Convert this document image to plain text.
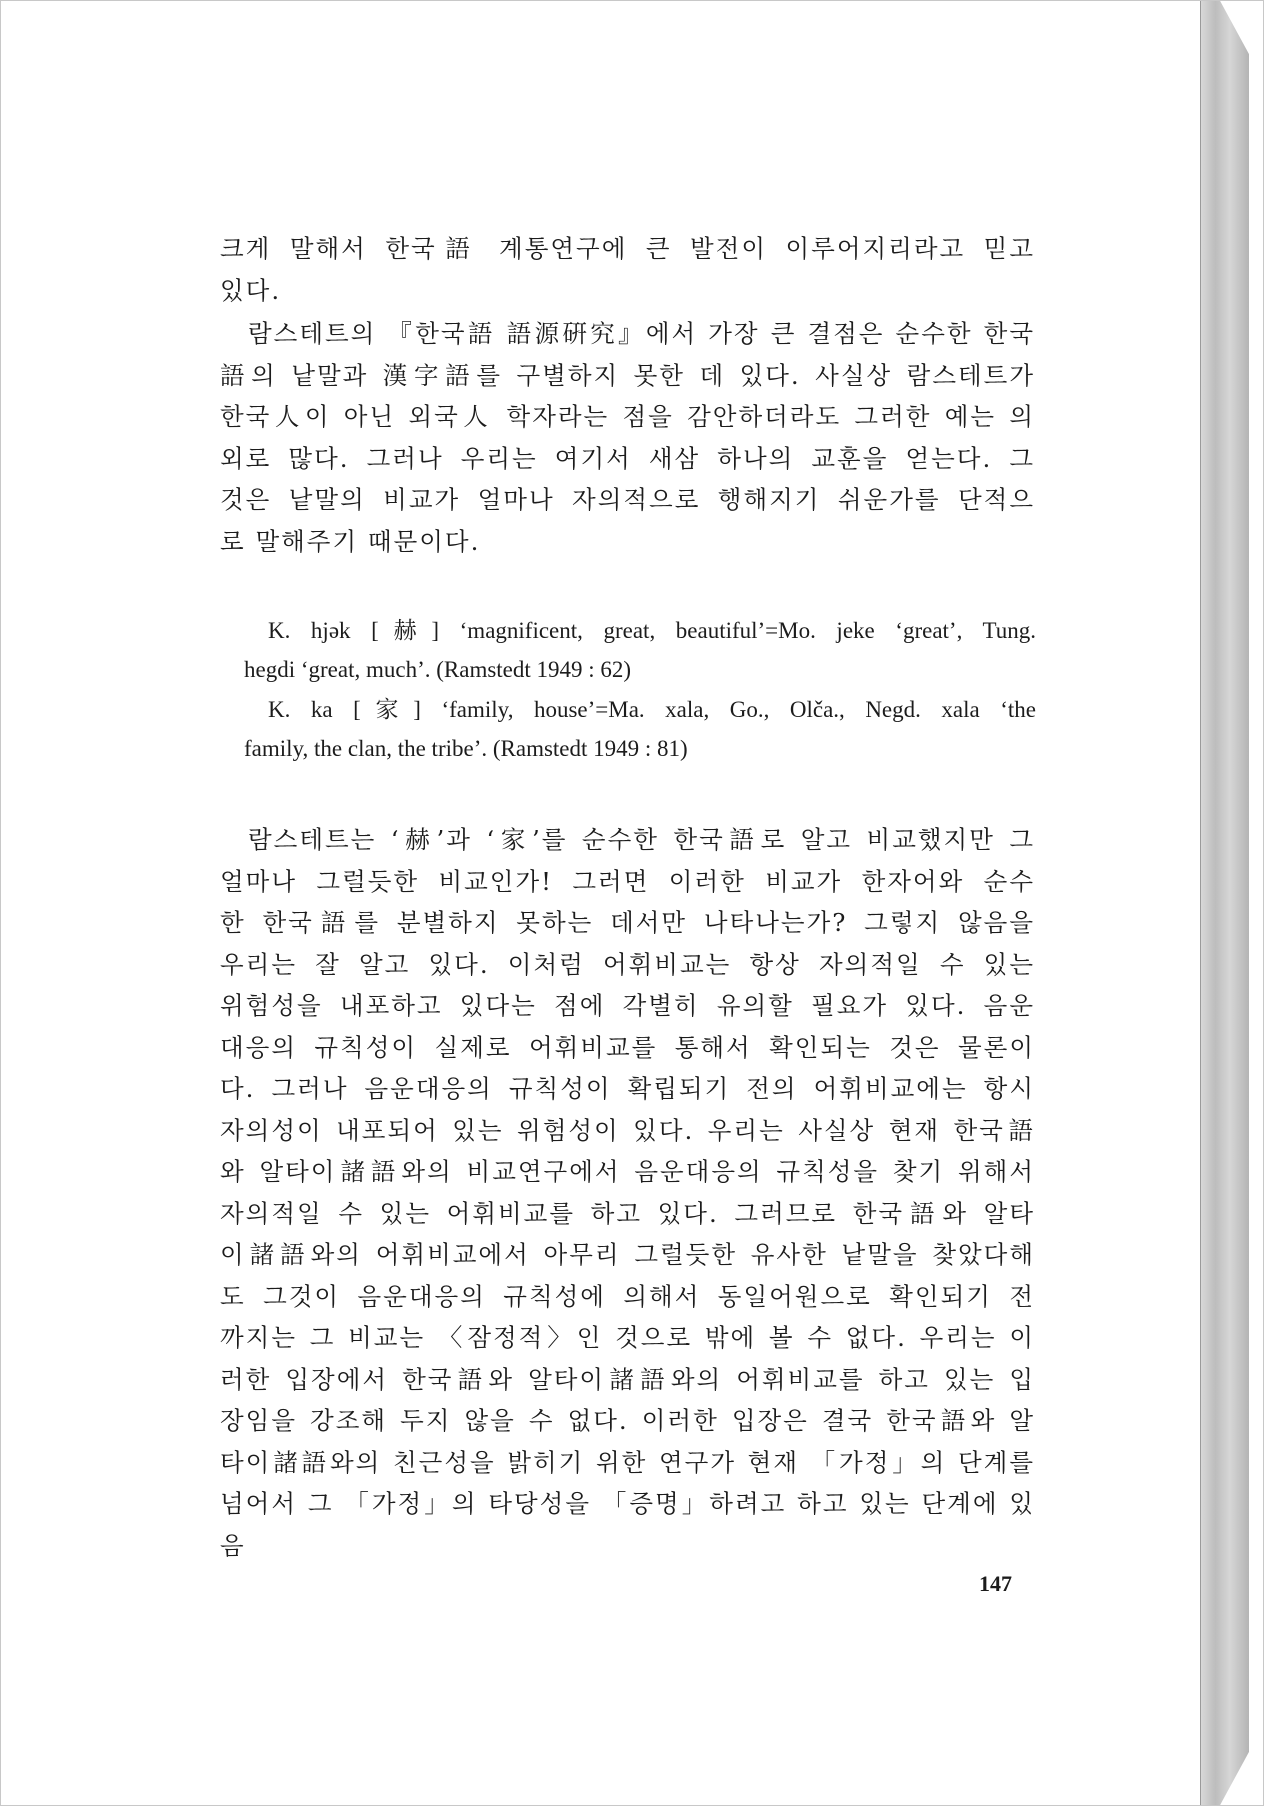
크게 말해서 한국語 계통연구에 큰 발전이 이루어지리라고 믿고
있다.
람스테트의 『한국語 語源硏究』에서 가장 큰 결점은 순수한 한국
語의 낱말과 漢字語를 구별하지 못한 데 있다. 사실상 람스테트가
한국人이 아닌 외국人 학자라는 점을 감안하더라도 그러한 예는 의
외로 많다. 그러나 우리는 여기서 새삼 하나의 교훈을 얻는다. 그
것은 낱말의 비교가 얼마나 자의적으로 행해지기 쉬운가를 단적으
로 말해주기 때문이다.
K. hjək [赫] ‘magnificent, great, beautiful’=Mo. jeke ‘great’, Tung.
hegdi ‘great, much’. (Ramstedt 1949 : 62)
K. ka [家] ‘family, house’=Ma. xala, Go., Olča., Negd. xala ‘the
family, the clan, the tribe’. (Ramstedt 1949 : 81)
람스테트는 ‘赫’과 ‘家’를 순수한 한국語로 알고 비교했지만 그
얼마나 그럴듯한 비교인가! 그러면 이러한 비교가 한자어와 순수
한 한국語를 분별하지 못하는 데서만 나타나는가? 그렇지 않음을
우리는 잘 알고 있다. 이처럼 어휘비교는 항상 자의적일 수 있는
위험성을 내포하고 있다는 점에 각별히 유의할 필요가 있다. 음운
대응의 규칙성이 실제로 어휘비교를 통해서 확인되는 것은 물론이
다. 그러나 음운대응의 규칙성이 확립되기 전의 어휘비교에는 항시
자의성이 내포되어 있는 위험성이 있다. 우리는 사실상 현재 한국語
와 알타이諸語와의 비교연구에서 음운대응의 규칙성을 찾기 위해서
자의적일 수 있는 어휘비교를 하고 있다. 그러므로 한국語와 알타
이諸語와의 어휘비교에서 아무리 그럴듯한 유사한 낱말을 찾았다해
도 그것이 음운대응의 규칙성에 의해서 동일어원으로 확인되기 전
까지는 그 비교는 〈잠정적〉인 것으로 밖에 볼 수 없다. 우리는 이
러한 입장에서 한국語와 알타이諸語와의 어휘비교를 하고 있는 입
장임을 강조해 두지 않을 수 없다. 이러한 입장은 결국 한국語와 알
타이諸語와의 친근성을 밝히기 위한 연구가 현재 「가정」의 단계를
넘어서 그 「가정」의 타당성을 「증명」하려고 하고 있는 단계에 있음
147
